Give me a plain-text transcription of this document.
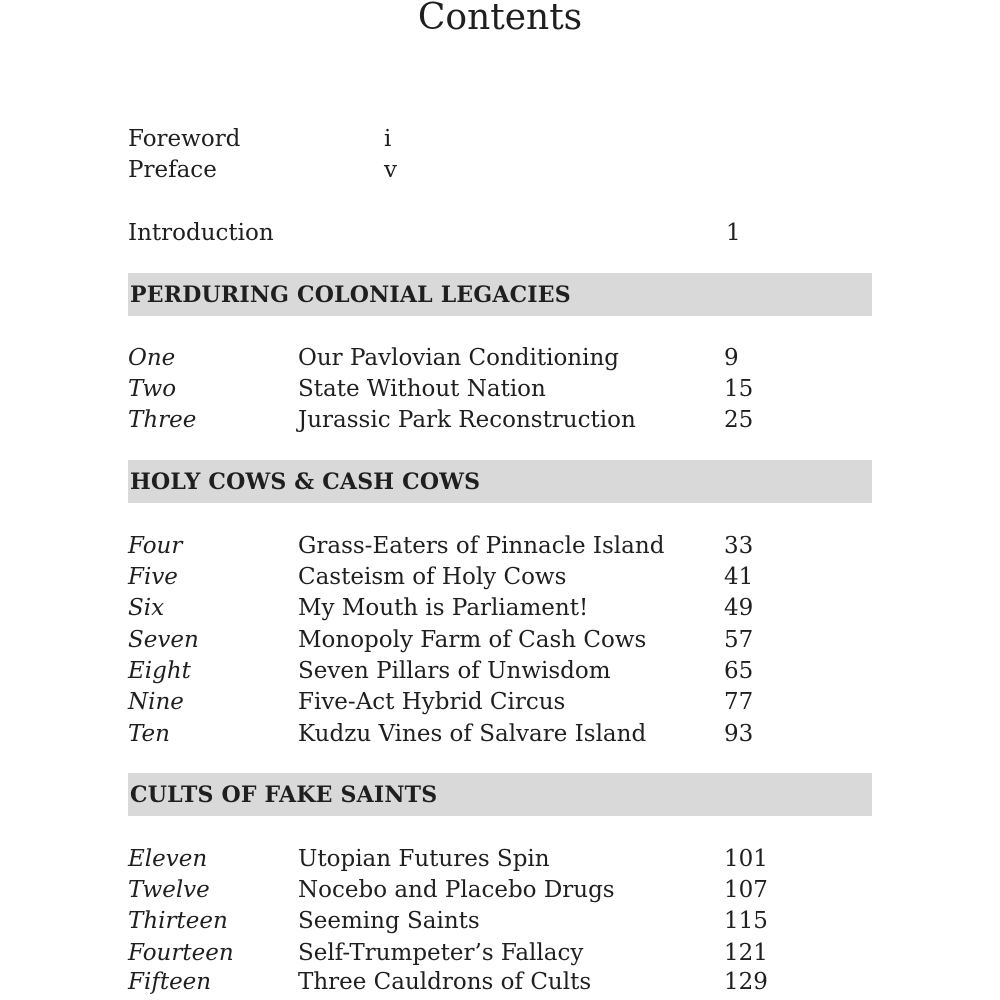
Contents
Foreword	i
Preface	v
Introduction	1
PERDURING COLONIAL LEGACIES
One	Our Pavlovian Conditioning	9
Two	State Without Nation	15
Three	Jurassic Park Reconstruction	25
HOLY COWS & CASH COWS
Four	Grass-Eaters of Pinnacle Island	33
Five	Casteism of Holy Cows	41
Six	My Mouth is Parliament!	49
Seven	Monopoly Farm of Cash Cows	57
Eight	Seven Pillars of Unwisdom	65
Nine	Five-Act Hybrid Circus	77
Ten	Kudzu Vines of Salvare Island	93
CULTS OF FAKE SAINTS
Eleven	Utopian Futures Spin	101
Twelve	Nocebo and Placebo Drugs	107
Thirteen	Seeming Saints	115
Fourteen	Self-Trumpeter’s Fallacy	121
Fifteen	Three Cauldrons of Cults	129
